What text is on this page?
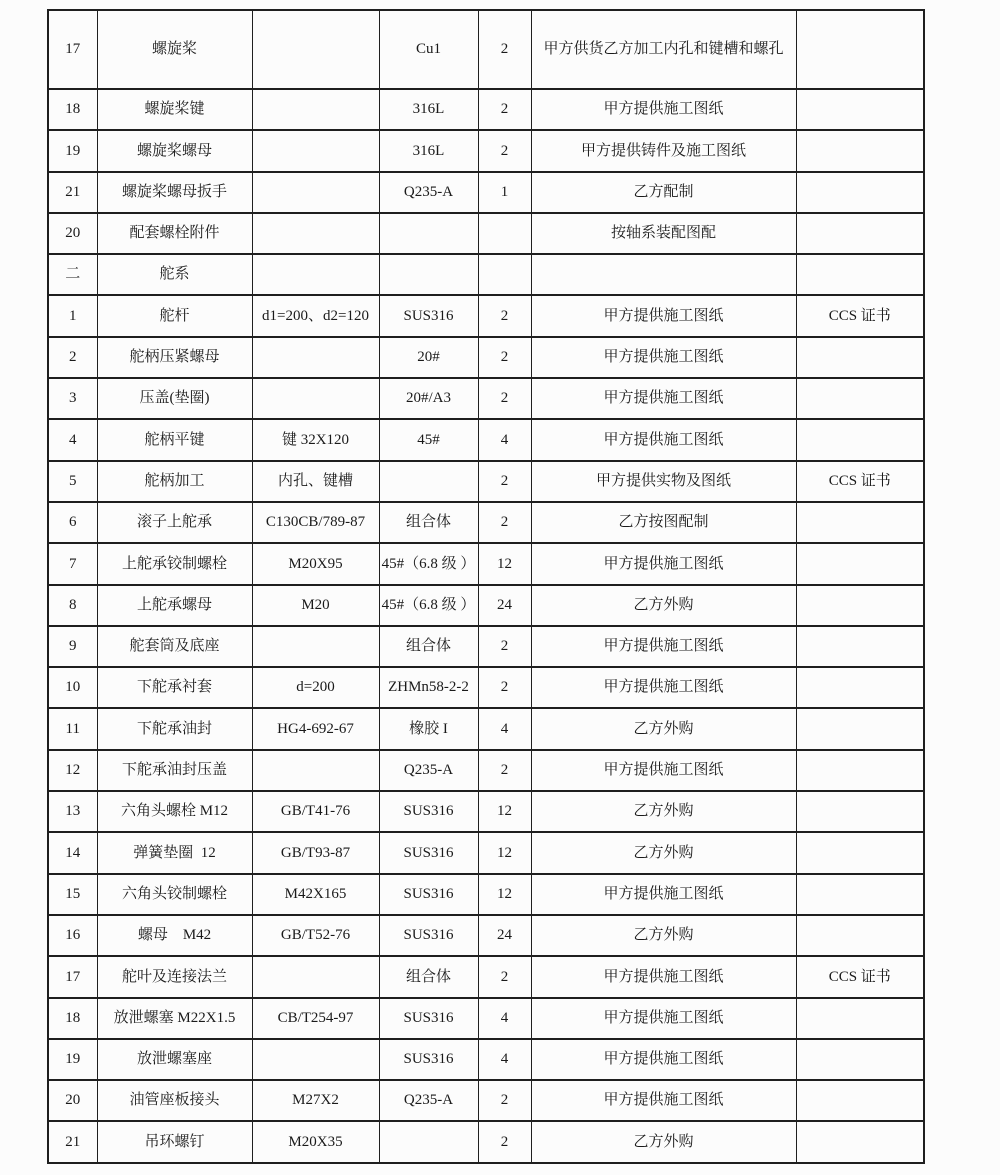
17	螺旋桨		Cu1	2	甲方供货乙方加工内孔和键槽和螺孔	
18	螺旋桨键		316L	2	甲方提供施工图纸	
19	螺旋桨螺母		316L	2	甲方提供铸件及施工图纸	
21	螺旋桨螺母扳手		Q235-A	1	乙方配制	
20	配套螺栓附件				按轴系装配图配	
二	舵系					
1	舵杆	d1=200、d2=120	SUS316	2	甲方提供施工图纸	CCS 证书
2	舵柄压紧螺母		20#	2	甲方提供施工图纸	
3	压盖(垫圈)		20#/A3	2	甲方提供施工图纸	
4	舵柄平键	键 32X120	45#	4	甲方提供施工图纸	
5	舵柄加工	内孔、键槽		2	甲方提供实物及图纸	CCS 证书
6	滚子上舵承	C130CB/789-87	组合体	2	乙方按图配制	
7	上舵承铰制螺栓	M20X95	45#（6.8 级 ）	12	甲方提供施工图纸	
8	上舵承螺母	M20	45#（6.8 级 ）	24	乙方外购	
9	舵套筒及底座		组合体	2	甲方提供施工图纸	
10	下舵承衬套	d=200	ZHMn58-2-2	2	甲方提供施工图纸	
11	下舵承油封	HG4-692-67	橡胶 I	4	乙方外购	
12	下舵承油封压盖		Q235-A	2	甲方提供施工图纸	
13	六角头螺栓 M12	GB/T41-76	SUS316	12	乙方外购	
14	弹簧垫圈  12	GB/T93-87	SUS316	12	乙方外购	
15	六角头铰制螺栓	M42X165	SUS316	12	甲方提供施工图纸	
16	螺母　M42	GB/T52-76	SUS316	24	乙方外购	
17	舵叶及连接法兰		组合体	2	甲方提供施工图纸	CCS 证书
18	放泄螺塞 M22X1.5	CB/T254-97	SUS316	4	甲方提供施工图纸	
19	放泄螺塞座		SUS316	4	甲方提供施工图纸	
20	油管座板接头	M27X2	Q235-A	2	甲方提供施工图纸	
21	吊环螺钉	M20X35		2	乙方外购	
